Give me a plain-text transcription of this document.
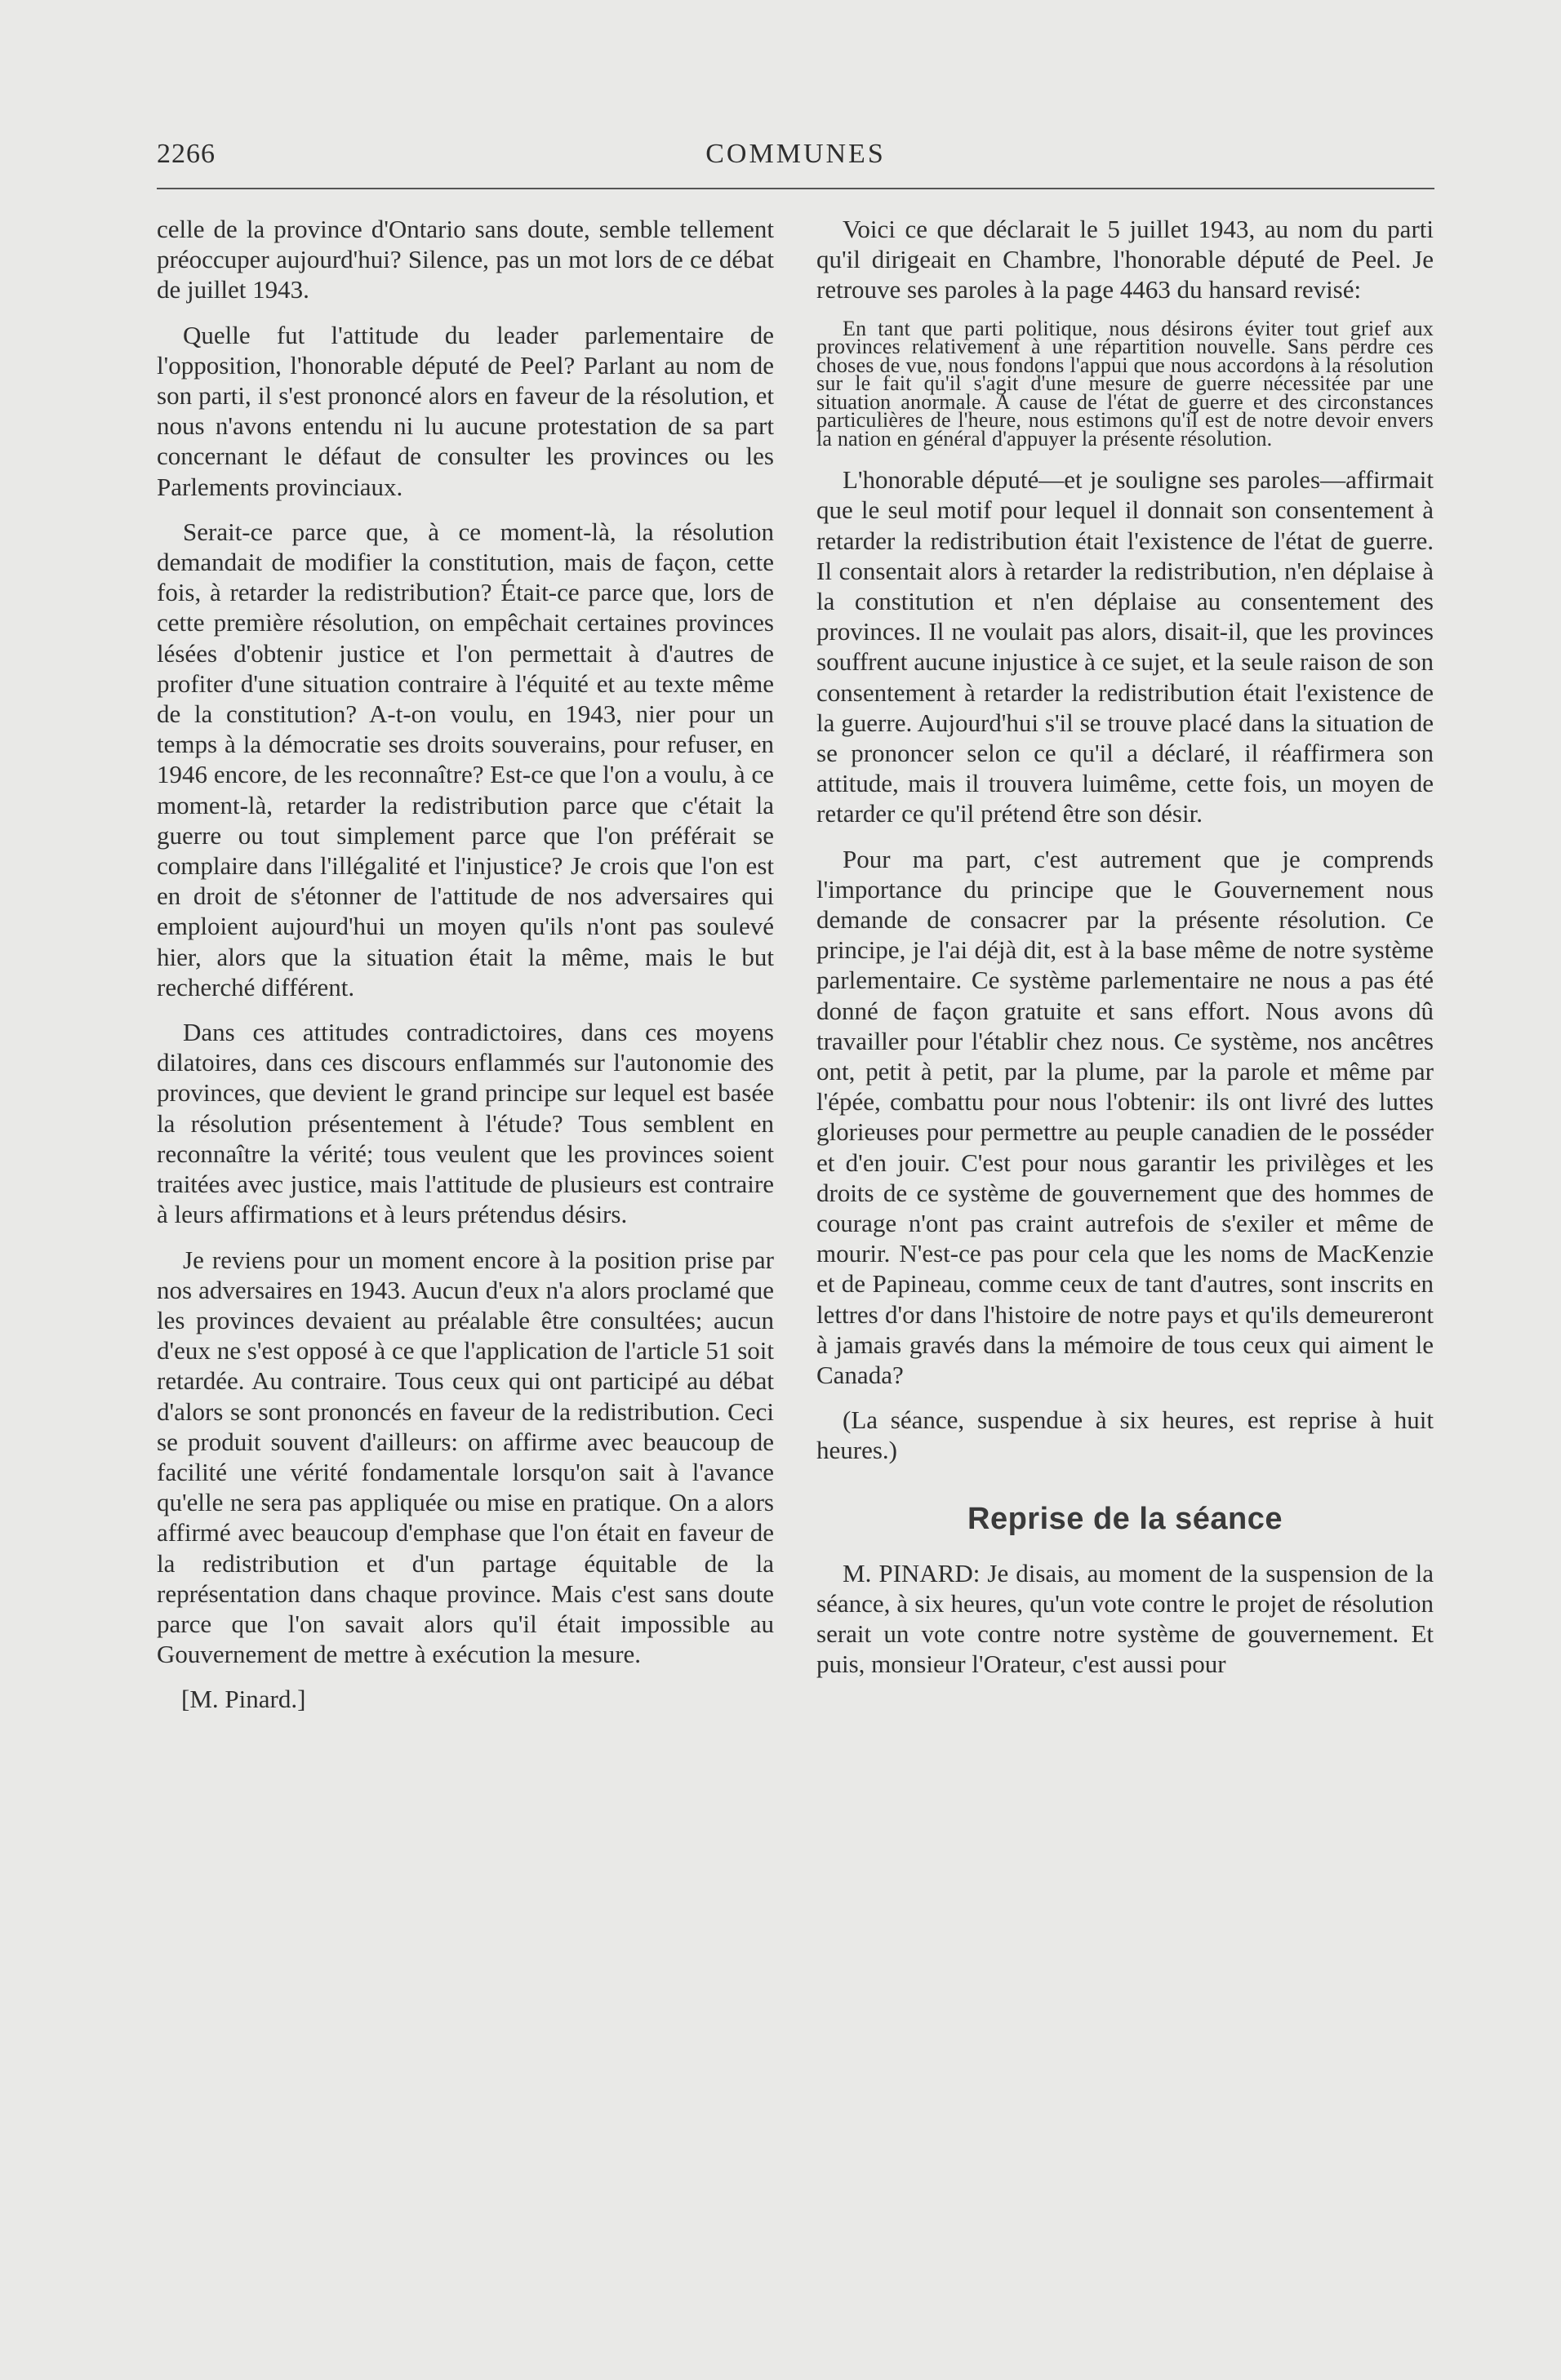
2266	COMMUNES

celle de la province d'Ontario sans doute, semble tellement préoccuper aujourd'hui? Silence, pas un mot lors de ce débat de juillet 1943.

Quelle fut l'attitude du leader parlementaire de l'opposition, l'honorable député de Peel? Parlant au nom de son parti, il s'est prononcé alors en faveur de la résolution, et nous n'avons entendu ni lu aucune protestation de sa part concernant le défaut de consulter les provinces ou les Parlements provinciaux.

Serait-ce parce que, à ce moment-là, la résolution demandait de modifier la constitution, mais de façon, cette fois, à retarder la redistribution? Était-ce parce que, lors de cette première résolution, on empêchait certaines provinces lésées d'obtenir justice et l'on permettait à d'autres de profiter d'une situation contraire à l'équité et au texte même de la constitution? A-t-on voulu, en 1943, nier pour un temps à la démocratie ses droits souverains, pour refuser, en 1946 encore, de les reconnaître? Est-ce que l'on a voulu, à ce moment-là, retarder la redistribution parce que c'était la guerre ou tout simplement parce que l'on préférait se complaire dans l'illégalité et l'injustice? Je crois que l'on est en droit de s'étonner de l'attitude de nos adversaires qui emploient aujourd'hui un moyen qu'ils n'ont pas soulevé hier, alors que la situation était la même, mais le but recherché différent.

Dans ces attitudes contradictoires, dans ces moyens dilatoires, dans ces discours enflammés sur l'autonomie des provinces, que devient le grand principe sur lequel est basée la résolution présentement à l'étude? Tous semblent en reconnaître la vérité; tous veulent que les provinces soient traitées avec justice, mais l'attitude de plusieurs est contraire à leurs affirmations et à leurs prétendus désirs.

Je reviens pour un moment encore à la position prise par nos adversaires en 1943. Aucun d'eux n'a alors proclamé que les provinces devaient au préalable être consultées; aucun d'eux ne s'est opposé à ce que l'application de l'article 51 soit retardée. Au contraire. Tous ceux qui ont participé au débat d'alors se sont prononcés en faveur de la redistribution. Ceci se produit souvent d'ailleurs: on affirme avec beaucoup de facilité une vérité fondamentale lorsqu'on sait à l'avance qu'elle ne sera pas appliquée ou mise en pratique. On a alors affirmé avec beaucoup d'emphase que l'on était en faveur de la redistribution et d'un partage équitable de la représentation dans chaque province. Mais c'est sans doute parce que l'on savait alors qu'il était impossible au Gouvernement de mettre à exécution la mesure.

[M. Pinard.]

Voici ce que déclarait le 5 juillet 1943, au nom du parti qu'il dirigeait en Chambre, l'honorable député de Peel. Je retrouve ses paroles à la page 4463 du hansard revisé:

En tant que parti politique, nous désirons éviter tout grief aux provinces relativement à une répartition nouvelle. Sans perdre ces choses de vue, nous fondons l'appui que nous accordons à la résolution sur le fait qu'il s'agit d'une mesure de guerre nécessitée par une situation anormale. A cause de l'état de guerre et des circonstances particulières de l'heure, nous estimons qu'il est de notre devoir envers la nation en général d'appuyer la présente résolution.

L'honorable député—et je souligne ses paroles—affirmait que le seul motif pour lequel il donnait son consentement à retarder la redistribution était l'existence de l'état de guerre. Il consentait alors à retarder la redistribution, n'en déplaise à la constitution et n'en déplaise au consentement des provinces. Il ne voulait pas alors, disait-il, que les provinces souffrent aucune injustice à ce sujet, et la seule raison de son consentement à retarder la redistribution était l'existence de la guerre. Aujourd'hui s'il se trouve placé dans la situation de se prononcer selon ce qu'il a déclaré, il réaffirmera son attitude, mais il trouvera luimême, cette fois, un moyen de retarder ce qu'il prétend être son désir.

Pour ma part, c'est autrement que je comprends l'importance du principe que le Gouvernement nous demande de consacrer par la présente résolution. Ce principe, je l'ai déjà dit, est à la base même de notre système parlementaire. Ce système parlementaire ne nous a pas été donné de façon gratuite et sans effort. Nous avons dû travailler pour l'établir chez nous. Ce système, nos ancêtres ont, petit à petit, par la plume, par la parole et même par l'épée, combattu pour nous l'obtenir: ils ont livré des luttes glorieuses pour permettre au peuple canadien de le posséder et d'en jouir. C'est pour nous garantir les privilèges et les droits de ce système de gouvernement que des hommes de courage n'ont pas craint autrefois de s'exiler et même de mourir. N'est-ce pas pour cela que les noms de MacKenzie et de Papineau, comme ceux de tant d'autres, sont inscrits en lettres d'or dans l'histoire de notre pays et qu'ils demeureront à jamais gravés dans la mémoire de tous ceux qui aiment le Canada?

(La séance, suspendue à six heures, est reprise à huit heures.)

Reprise de la séance

M. PINARD: Je disais, au moment de la suspension de la séance, à six heures, qu'un vote contre le projet de résolution serait un vote contre notre système de gouvernement. Et puis, monsieur l'Orateur, c'est aussi pour
